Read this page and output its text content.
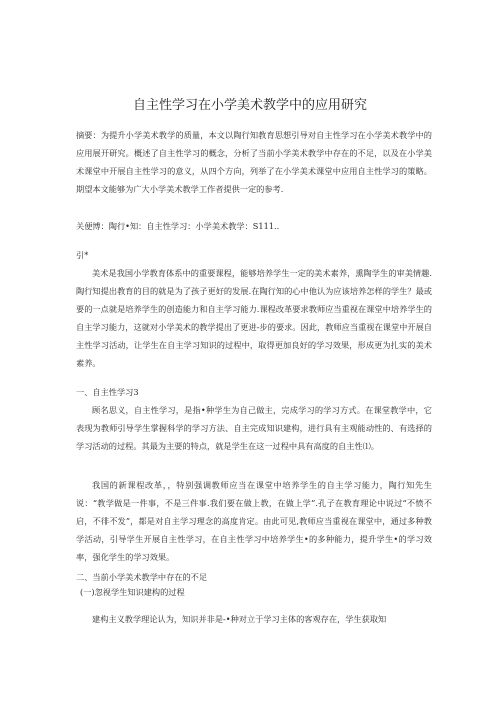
自主性学习在小学美术教学中的应用研究
摘要：为提升小学美术教学的质量，本文以陶行知教育思想引导对自主性学习在小学美术教学中的应用展开研究。概述了自主性学习的概念，分析了当前小学美术教学中存在的不足，以及在小学美术课堂中开展自主性学习的意义，从四个方向，列举了在小学美术课堂中应用自主性学习的策略。期望本文能够为广大小学美术教学工作者提供一定的参考.
关便博：陶行•知：自主性学习：小学美术教学：S111..
引*
美术是我国小学教育体系中的重要课程，能够培养学生一定的美术素养，熏陶学生的审美情趣.陶行知提出教育的目的就是为了孩子更好的发展.在陶行知的心中他认为应该培养怎样的学生？最或要的一点就是培养学生的创造能力和自主学习能力.课程改革要求教师应当重视在课堂中培养学生的自主学习能力，这就对小学美术的教学提出了更进-步的要求。因此，教师应当重视在课堂中开展自主性学习活动，让学生在自主学习知识的过程中，取得更加良好的学习效果，形成更为扎实的美术素养。
一、自主性学习3
顾名思义，自主性学习，是指•种学生为自己做主，完成学习的学习方式。在课堂教学中，它表现为教师引导学生掌握科学的学习方法、自主完成知识建构，进行具有主观能动性的、有选择的学习活动的过程。其最为主要的特点，就是学生在这一过程中具有高度的自主性⑴。
我国的新课程改革，，特别强调教师应当在课堂中培养学生的自主学习能力，陶行知先生说：“教学做是一件事，不是三件事.我们要在做上教，在做上学”.孔子在教育理论中说过“不愤不启，不徘不发”，都是对自主学习理念的高度肯定。由此可见,教师应当重视在课堂中，通过多种教学活动，引导学生开展自主性学习，在自主性学习中培养学生•的多种能力，提升学生•的学习效率，强化学生的学习效果。
二、当前小学美术教学中存在的不足
(一)忽视学生知识建构的过程
建构主义教学理论认为，知识并非是-•种对立于学习主体的客观存在，学生获取知
